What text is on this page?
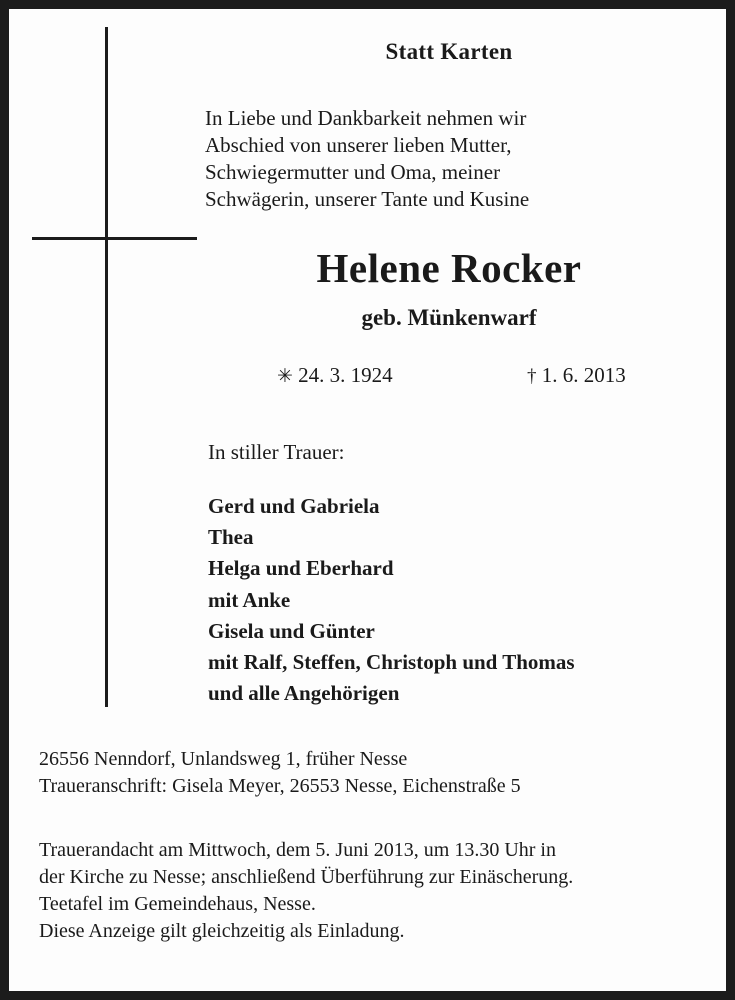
Statt Karten
In Liebe und Dankbarkeit nehmen wir
Abschied von unserer lieben Mutter,
Schwiegermutter und Oma, meiner
Schwägerin, unserer Tante und Kusine
Helene Rocker
geb. Münkenwarf
✳ 24. 3. 1924	† 1. 6. 2013
In stiller Trauer:
Gerd und Gabriela
Thea
Helga und Eberhard
mit Anke
Gisela und Günter
mit Ralf, Steffen, Christoph und Thomas
und alle Angehörigen
26556 Nenndorf, Unlandsweg 1, früher Nesse
Traueranschrift: Gisela Meyer, 26553 Nesse, Eichenstraße 5
Trauerandacht am Mittwoch, dem 5. Juni 2013, um 13.30 Uhr in
der Kirche zu Nesse; anschließend Überführung zur Einäscherung.
Teetafel im Gemeindehaus, Nesse.
Diese Anzeige gilt gleichzeitig als Einladung.
